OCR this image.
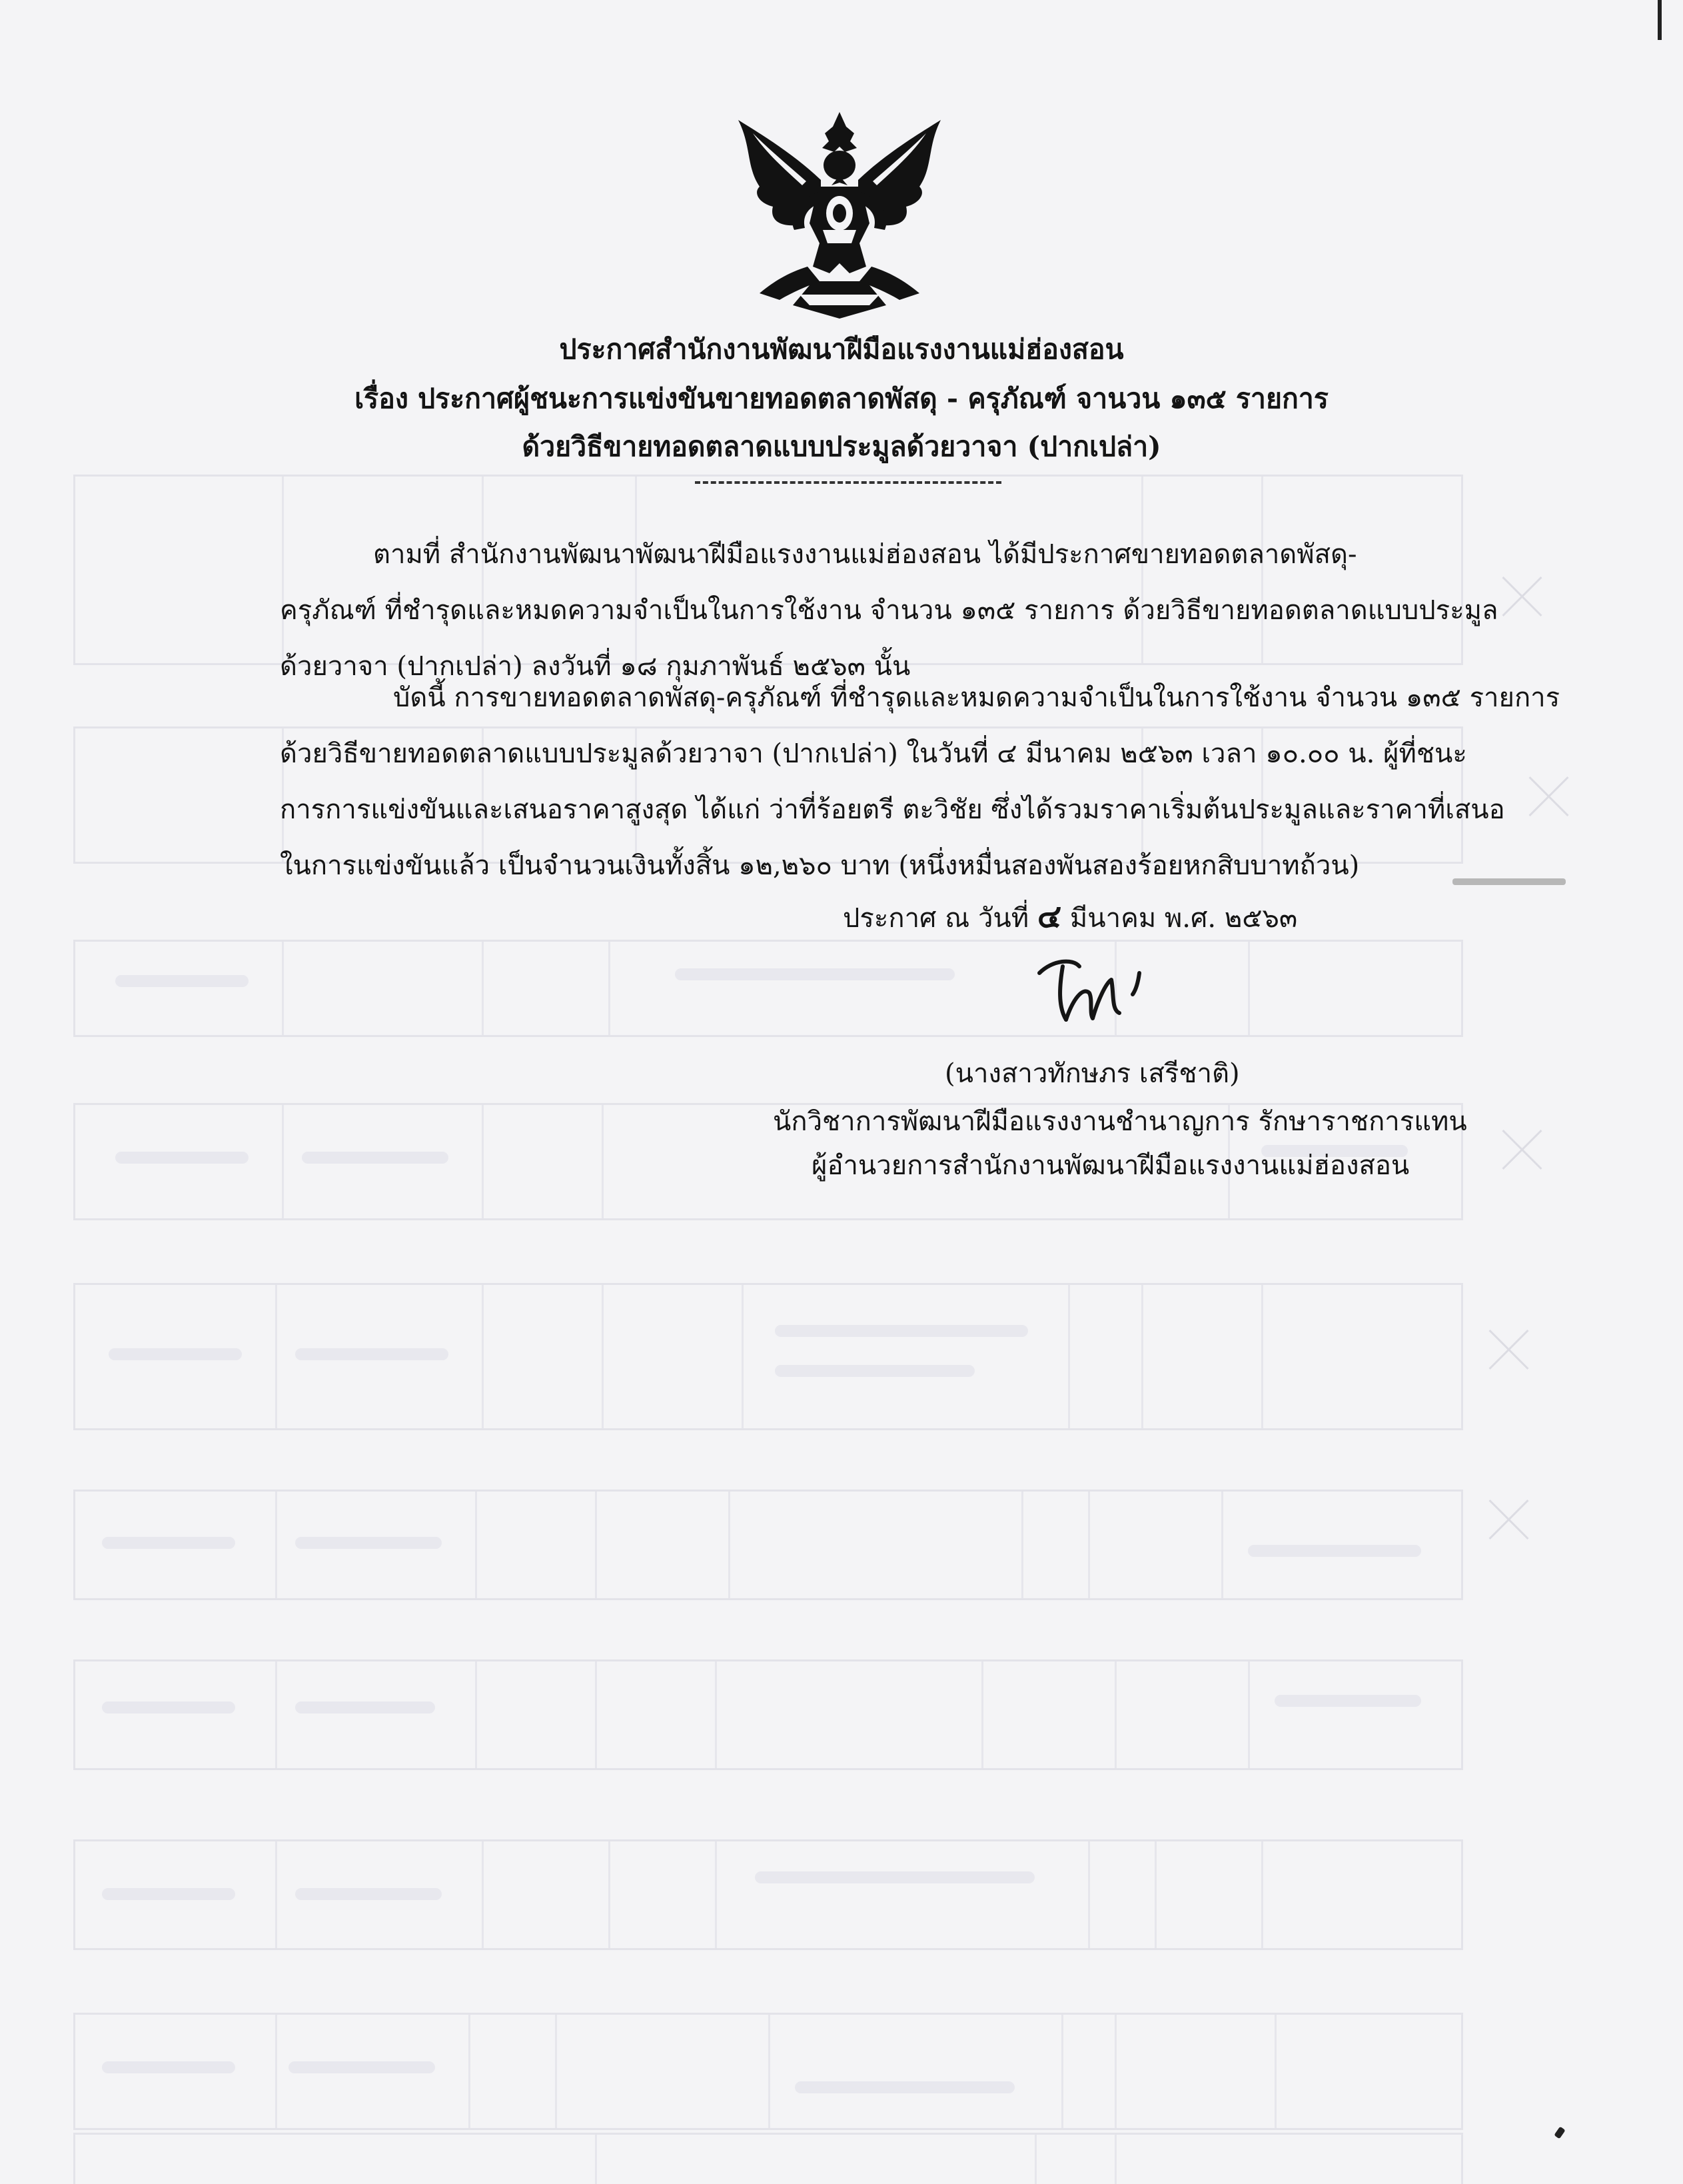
ประกาศสำนักงานพัฒนาฝีมือแรงงานแม่ฮ่องสอน
เรื่อง ประกาศผู้ชนะการแข่งขันขายทอดตลาดพัสดุ - ครุภัณฑ์ จานวน ๑๓๕ รายการ
ด้วยวิธีขายทอดตลาดแบบประมูลด้วยวาจา (ปากเปล่า)
ตามที่ สำนักงานพัฒนาพัฒนาฝีมือแรงงานแม่ฮ่องสอน ได้มีประกาศขายทอดตลาดพัสดุ-
ครุภัณฑ์ ที่ชำรุดและหมดความจำเป็นในการใช้งาน จำนวน ๑๓๕ รายการ ด้วยวิธีขายทอดตลาดแบบประมูล
ด้วยวาจา (ปากเปล่า) ลงวันที่ ๑๘ กุมภาพันธ์ ๒๕๖๓ นั้น
บัดนี้ การขายทอดตลาดพัสดุ-ครุภัณฑ์ ที่ชำรุดและหมดความจำเป็นในการใช้งาน จำนวน ๑๓๕ รายการ
ด้วยวิธีขายทอดตลาดแบบประมูลด้วยวาจา (ปากเปล่า) ในวันที่ ๔ มีนาคม ๒๕๖๓ เวลา ๑๐.๐๐ น. ผู้ที่ชนะ
การการแข่งขันและเสนอราคาสูงสุด ได้แก่ ว่าที่ร้อยตรี ตะวิชัย ซึ่งได้รวมราคาเริ่มต้นประมูลและราคาที่เสนอ
ในการแข่งขันแล้ว เป็นจำนวนเงินทั้งสิ้น ๑๒,๒๖๐ บาท (หนึ่งหมื่นสองพันสองร้อยหกสิบบาทถ้วน)
ประกาศ ณ วันที่ ๔ มีนาคม พ.ศ. ๒๕๖๓
(นางสาวทักษภร เสรีชาติ)
นักวิชาการพัฒนาฝีมือแรงงานชำนาญการ รักษาราชการแทน
ผู้อำนวยการสำนักงานพัฒนาฝีมือแรงงานแม่ฮ่องสอน
